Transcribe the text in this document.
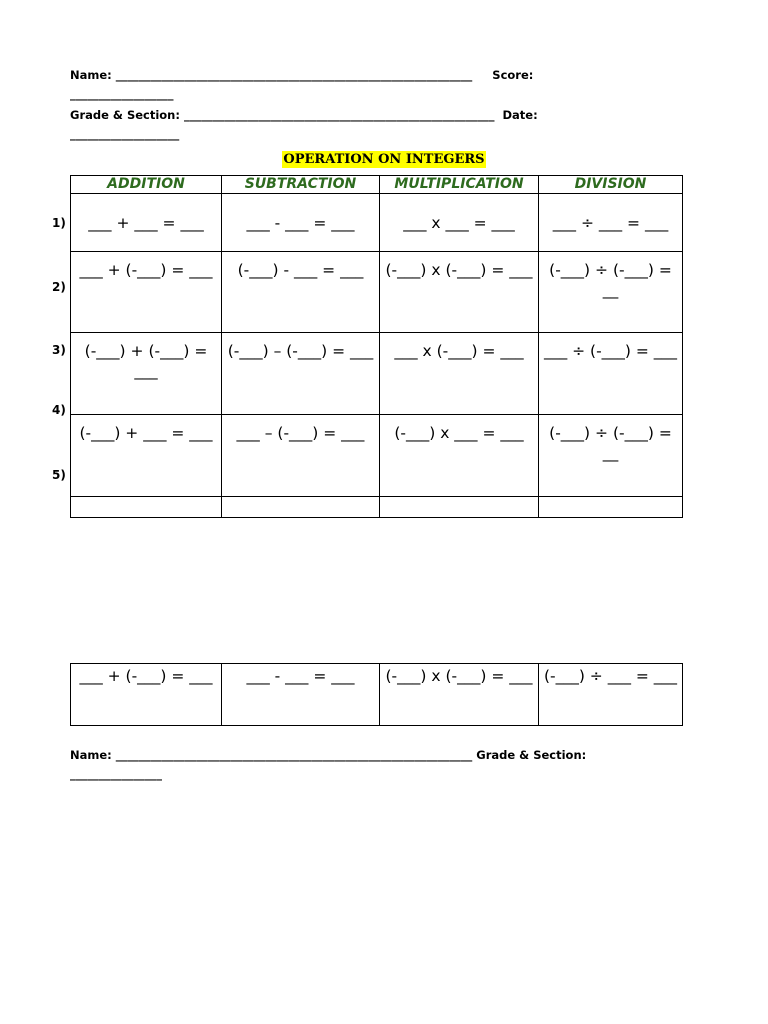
Name: ______________________________________________________________     Score:
__________________
Grade & Section: ______________________________________________________  Date:
___________________
OPERATION ON INTEGERS
1)
2)
3)
4)
5)
ADDITION	SUBTRACTION	MULTIPLICATION	DIVISION
___ + ___ = ___	___ - ___ = ___	___ x ___ = ___	___ ÷ ___ = ___
___ + (-___) = ___	(-___) - ___ = ___	(-___) x (-___) = ___	(-___) ÷ (-___) = __
(-___) + (-___) = ___	(-___) – (-___) = ___	___ x (-___) = ___	___ ÷ (-___) = ___
(-___) + ___ = ___	___ – (-___) = ___	(-___) x ___ = ___	(-___) ÷ (-___) = __

___ + (-___) = ___	___ - ___ = ___	(-___) x (-___) = ___	(-___) ÷ ___ = ___
Name: ______________________________________________________________ Grade & Section:
________________
